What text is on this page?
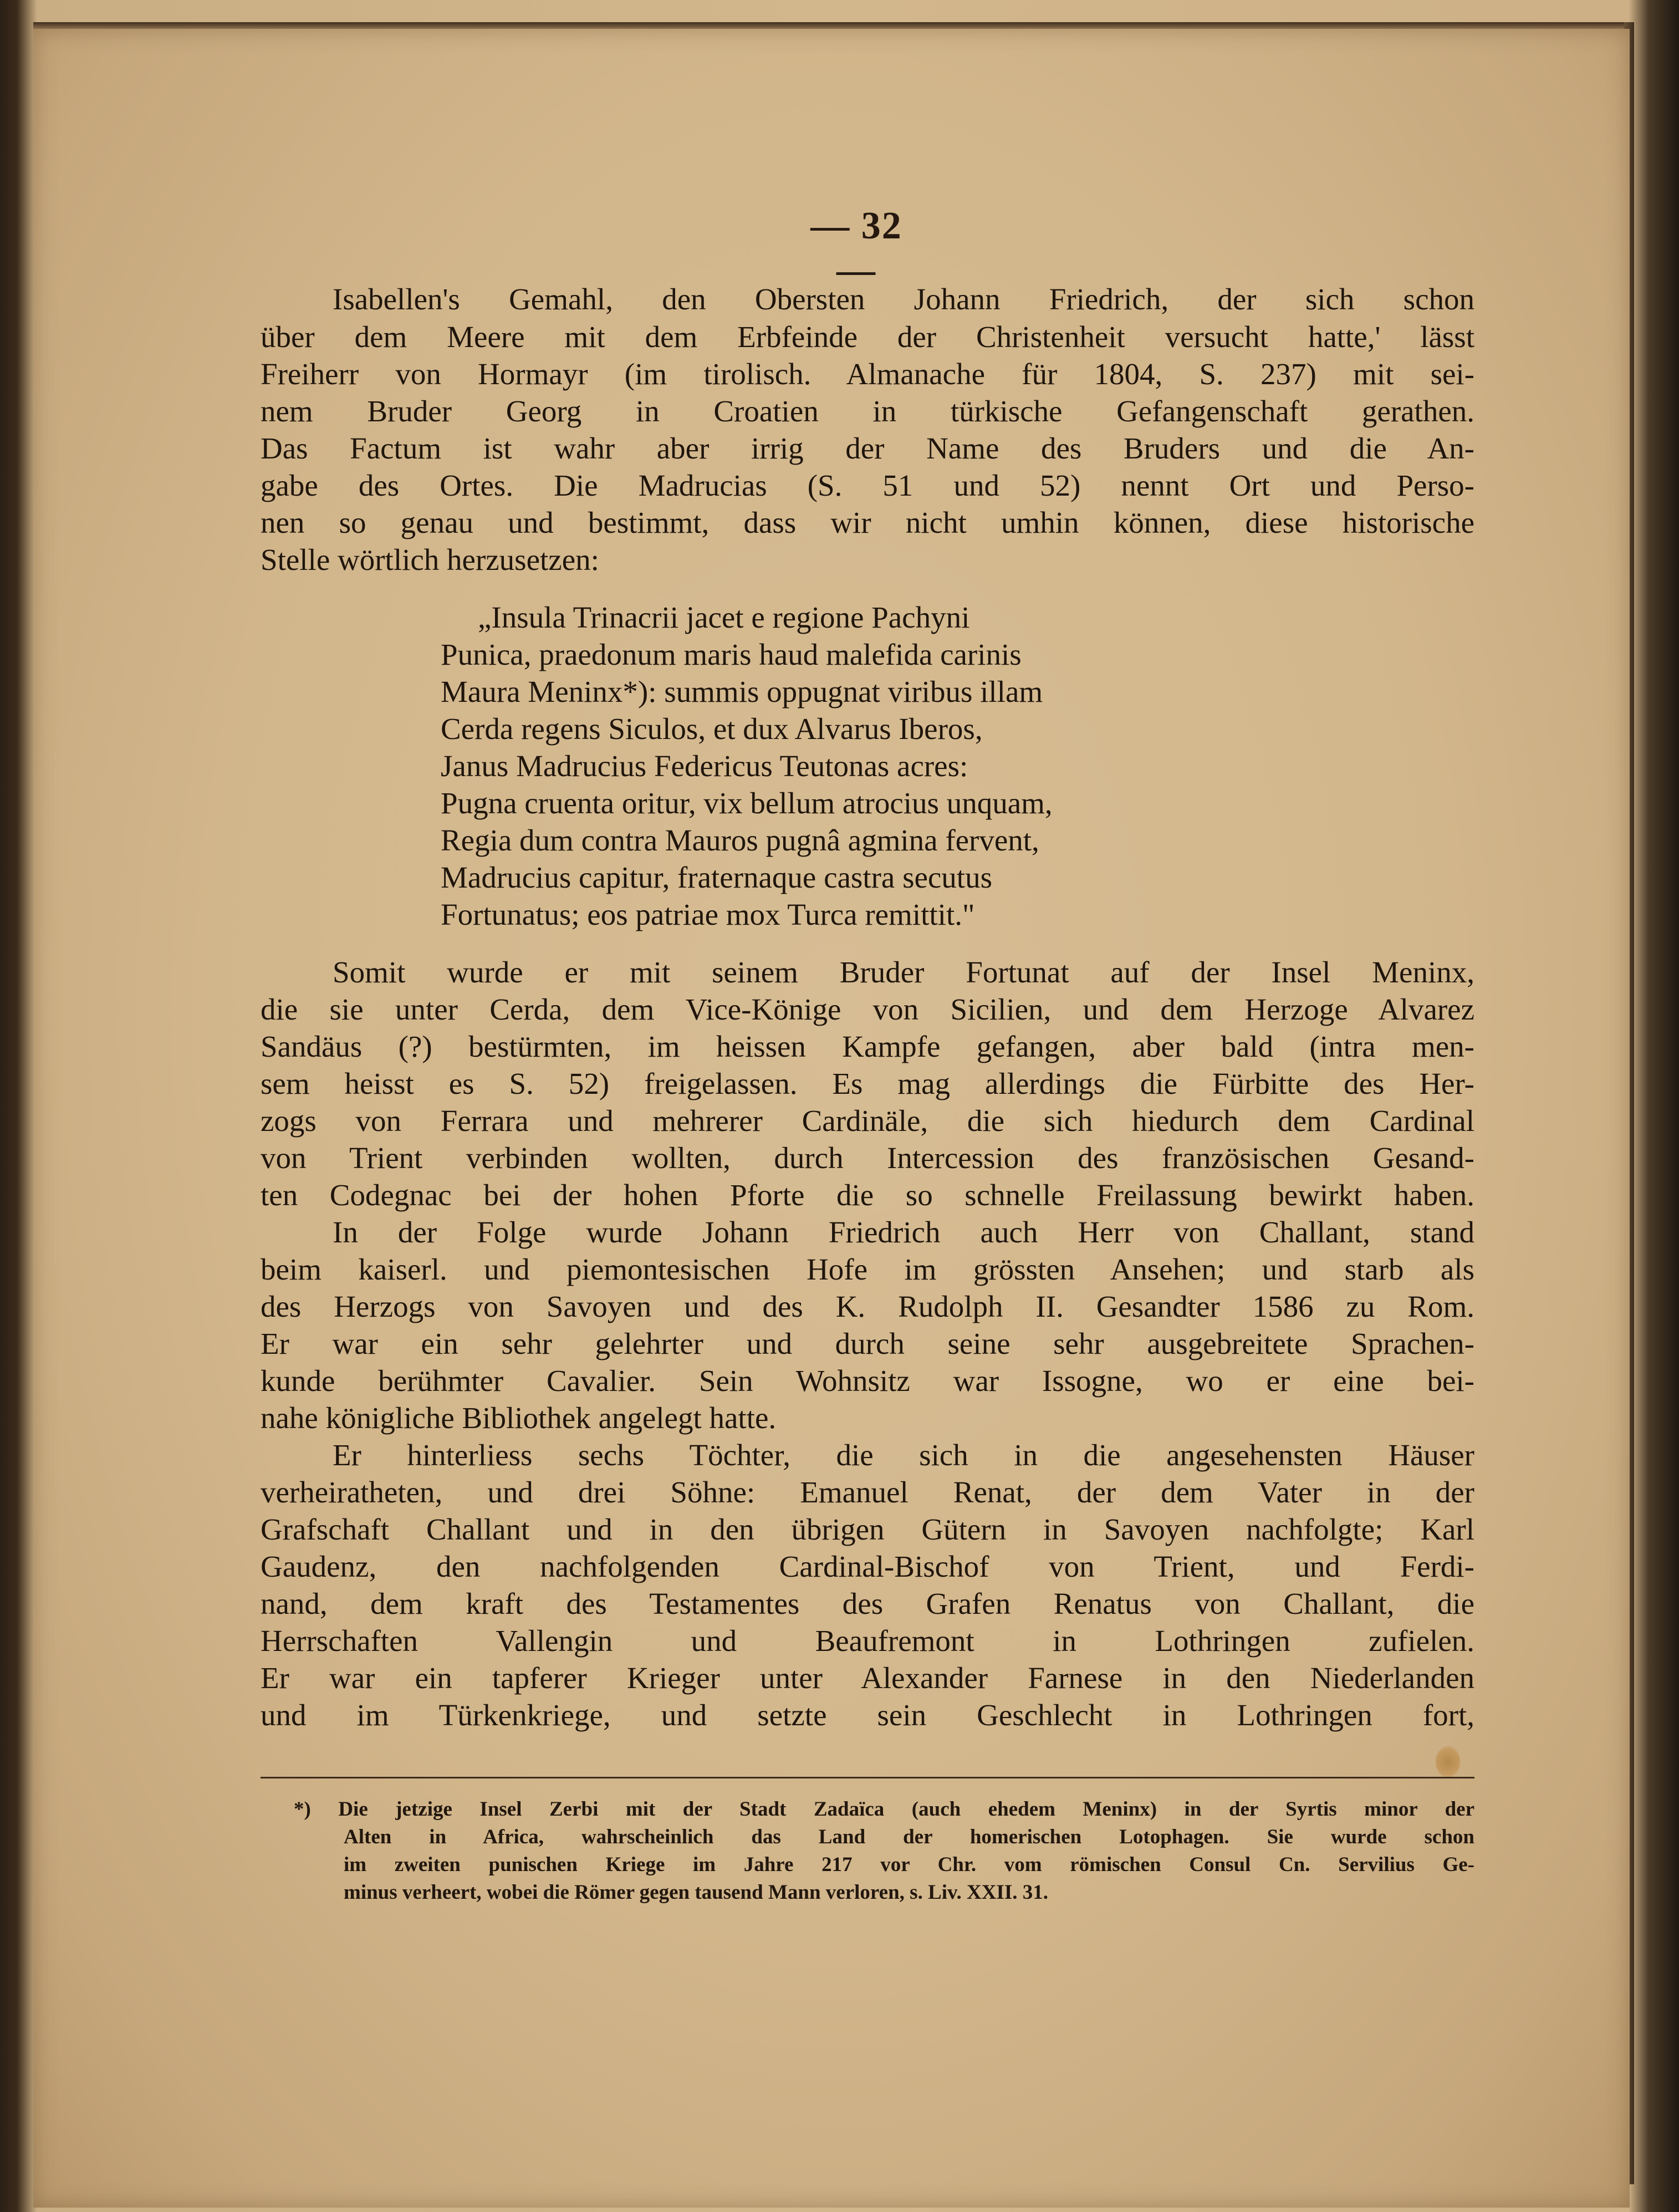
— 32 —
Isabellen's Gemahl, den Obersten Johann Friedrich, der sich schon
über dem Meere mit dem Erbfeinde der Christenheit versucht hatte,' lässt
Freiherr von Hormayr (im tirolisch. Almanache für 1804, S. 237) mit sei-
nem Bruder Georg in Croatien in türkische Gefangenschaft gerathen.
Das Factum ist wahr aber irrig der Name des Bruders und die An-
gabe des Ortes. Die Madrucias (S. 51 und 52) nennt Ort und Perso-
nen so genau und bestimmt, dass wir nicht umhin können, diese historische
Stelle wörtlich herzusetzen:
„Insula Trinacrii jacet e regione Pachyni
Punica, praedonum maris haud malefida carinis
Maura Meninx*): summis oppugnat viribus illam
Cerda regens Siculos, et dux Alvarus Iberos,
Janus Madrucius Federicus Teutonas acres:
Pugna cruenta oritur, vix bellum atrocius unquam,
Regia dum contra Mauros pugnâ agmina fervent,
Madrucius capitur, fraternaque castra secutus
Fortunatus; eos patriae mox Turca remittit."
Somit wurde er mit seinem Bruder Fortunat auf der Insel Meninx,
die sie unter Cerda, dem Vice-Könige von Sicilien, und dem Herzoge Alvarez
Sandäus (?) bestürmten, im heissen Kampfe gefangen, aber bald (intra men-
sem heisst es S. 52) freigelassen. Es mag allerdings die Fürbitte des Her-
zogs von Ferrara und mehrerer Cardinäle, die sich hiedurch dem Cardinal
von Trient verbinden wollten, durch Intercession des französischen Gesand-
ten Codegnac bei der hohen Pforte die so schnelle Freilassung bewirkt haben.
In der Folge wurde Johann Friedrich auch Herr von Challant, stand
beim kaiserl. und piemontesischen Hofe im grössten Ansehen; und starb als
des Herzogs von Savoyen und des K. Rudolph II. Gesandter 1586 zu Rom.
Er war ein sehr gelehrter und durch seine sehr ausgebreitete Sprachen-
kunde berühmter Cavalier. Sein Wohnsitz war Issogne, wo er eine bei-
nahe königliche Bibliothek angelegt hatte.
Er hinterliess sechs Töchter, die sich in die angesehensten Häuser
verheiratheten, und drei Söhne: Emanuel Renat, der dem Vater in der
Grafschaft Challant und in den übrigen Gütern in Savoyen nachfolgte; Karl
Gaudenz, den nachfolgenden Cardinal-Bischof von Trient, und Ferdi-
nand, dem kraft des Testamentes des Grafen Renatus von Challant, die
Herrschaften Vallengin und Beaufremont in Lothringen zufielen.
Er war ein tapferer Krieger unter Alexander Farnese in den Niederlanden
und im Türkenkriege, und setzte sein Geschlecht in Lothringen fort,
*) Die jetzige Insel Zerbi mit der Stadt Zadaïca (auch ehedem Meninx) in der Syrtis minor der
Alten in Africa, wahrscheinlich das Land der homerischen Lotophagen. Sie wurde schon
im zweiten punischen Kriege im Jahre 217 vor Chr. vom römischen Consul Cn. Servilius Ge-
minus verheert, wobei die Römer gegen tausend Mann verloren, s. Liv. XXII. 31.
